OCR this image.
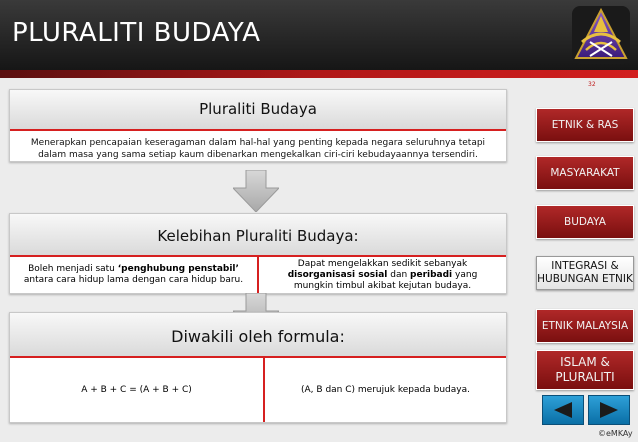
PLURALITI BUDAYA
32
Pluraliti Budaya
Menerapkan pencapaian keseragaman dalam hal-hal yang penting kepada negara seluruhnya tetapi dalam masa yang sama setiap kaum dibenarkan mengekalkan ciri-ciri kebudayaannya tersendiri.
Kelebihan Pluraliti Budaya:
Boleh menjadi satu ‘penghubung penstabil’ antara cara hidup lama dengan cara hidup baru.
Dapat mengelakkan sedikit sebanyak disorganisasi sosial dan peribadi yang mungkin timbul akibat kejutan budaya.
Diwakili oleh formula:
A + B + C = (A + B + C)	(A, B dan C) merujuk kepada budaya.
ETNIK & RAS
MASYARAKAT
BUDAYA
INTEGRASI & HUBUNGAN ETNIK
ETNIK MALAYSIA
ISLAM & PLURALITI
©eMKAy
